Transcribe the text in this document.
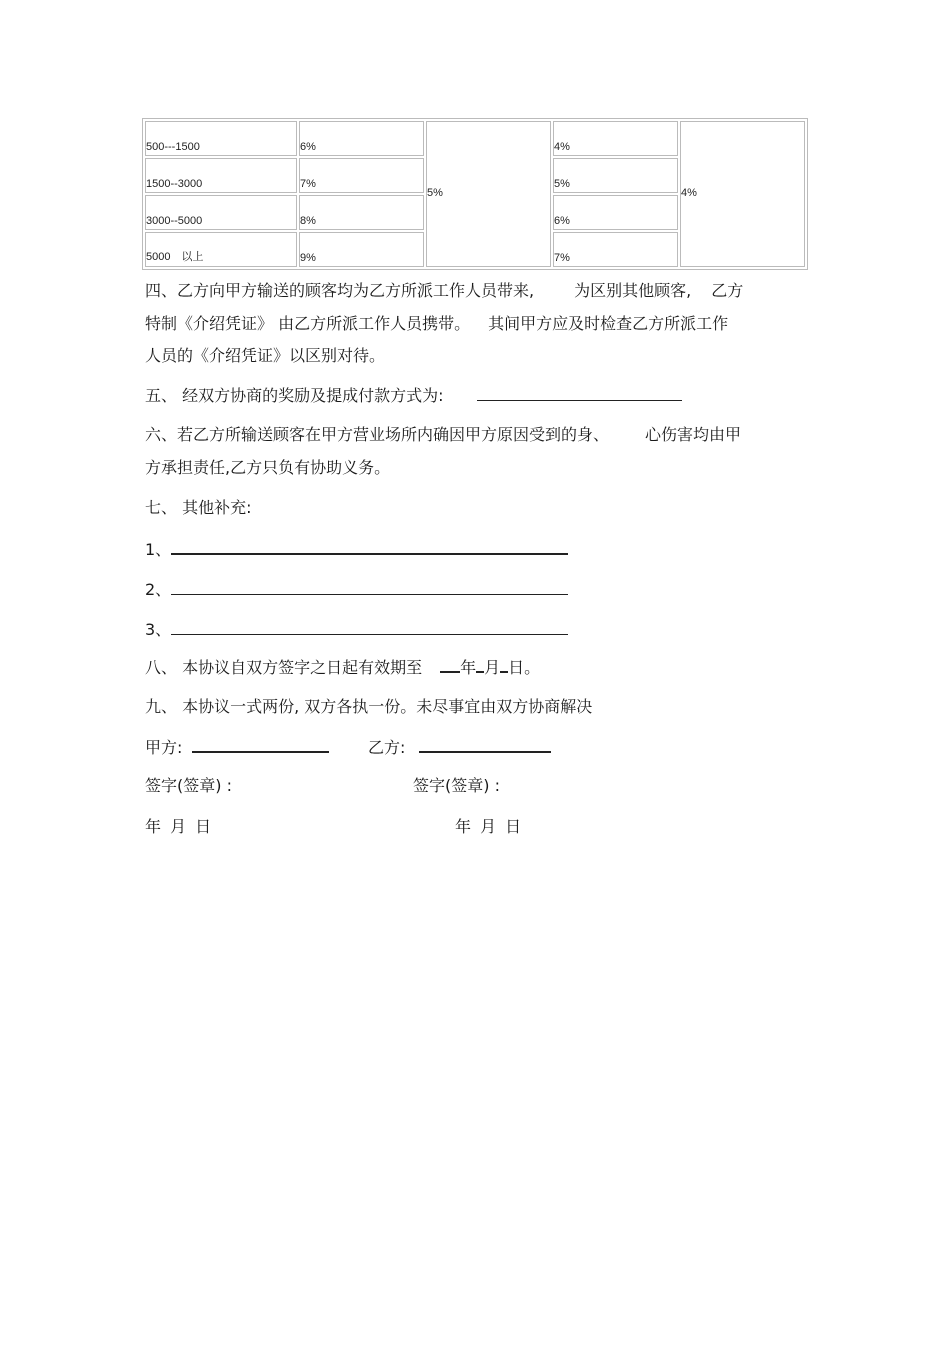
500---1500	6%	5%	4%	4%
1500--3000	7%		5%	
3000--5000	8%		6%	
5000　以上	9%		7%	
四、乙方向甲方输送的顾客均为乙方所派工作人员带来,	为区别其他顾客, 乙方
特制《介绍凭证》 由乙方所派工作人员携带。 其间甲方应及时检查乙方所派工作
人员的《介绍凭证》以区别对待。
五、 经双方协商的奖励及提成付款方式为:
六、若乙方所输送顾客在甲方营业场所内确因甲方原因受到的身、 心伤害均由甲
方承担责任,乙方只负有协助义务。
七、 其他补充:
1、
2、
3、
八、 本协议自双方签字之日起有效期至 年 月 日。
九、 本协议一式两份, 双方各执一份。未尽事宜由双方协商解决
甲方:	乙方:
签字(签章) :	签字(签章) :
年 月 日	年 月 日
